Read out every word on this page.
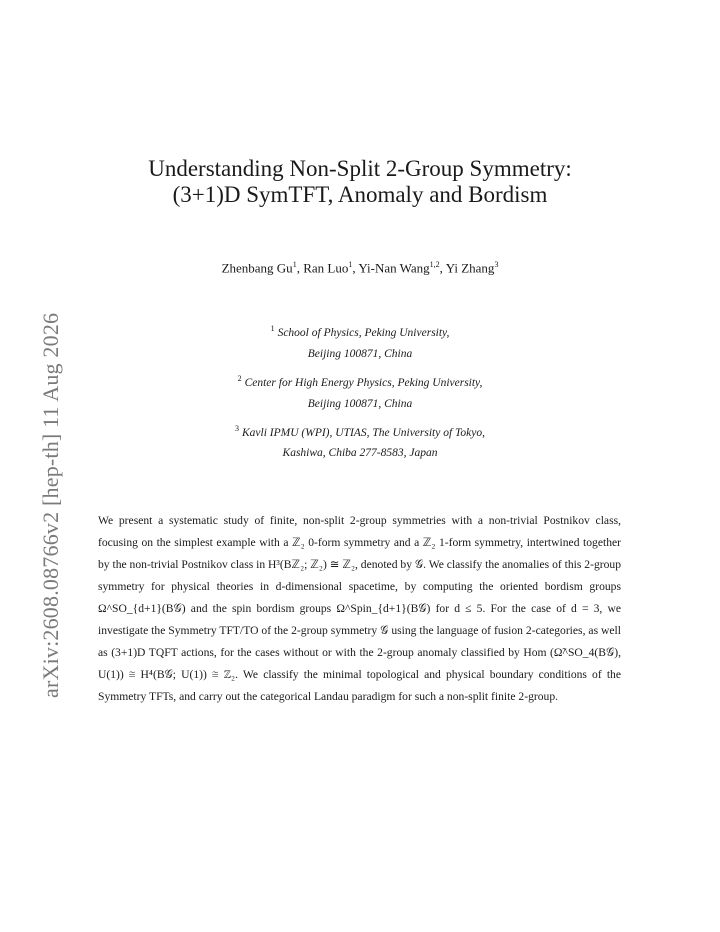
arXiv:2608.08766v2 [hep-th] 11 Aug 2026
Understanding Non-Split 2-Group Symmetry:
(3+1)D SymTFT, Anomaly and Bordism
Zhenbang Gu$^1$, Ran Luo$^1$, Yi-Nan Wang$^{1,2}$, Yi Zhang$^3$
$^1$ School of Physics, Peking University,
Beijing 100871, China
$^2$ Center for High Energy Physics, Peking University,
Beijing 100871, China
$^3$ Kavli IPMU (WPI), UTIAS, The University of Tokyo,
Kashiwa, Chiba 277-8583, Japan
We present a systematic study of finite, non-split 2-group symmetries with a non-trivial Postnikov class, focusing on the simplest example with a ℤ₂ 0-form symmetry and a ℤ₂ 1-form symmetry, intertwined together by the non-trivial Postnikov class in H³(Bℤ₂; ℤ₂) ≅ ℤ₂, denoted by 𝒢. We classify the anomalies of this 2-group symmetry for physical theories in d-dimensional spacetime, by computing the oriented bordism groups Ω^SO_{d+1}(B𝒢) and the spin bordism groups Ω^Spin_{d+1}(B𝒢) for d ≤ 5. For the case of d = 3, we investigate the Symmetry TFT/TO of the 2-group symmetry 𝒢 using the language of fusion 2-categories, as well as (3+1)D TQFT actions, for the cases without or with the 2-group anomaly classified by Hom (Ω̃^SO_4(B𝒢), U(1)) ≅ H⁴(B𝒢; U(1)) ≅ ℤ₂. We classify the minimal topological and physical boundary conditions of the Symmetry TFTs, and carry out the categorical Landau paradigm for such a non-split finite 2-group.
